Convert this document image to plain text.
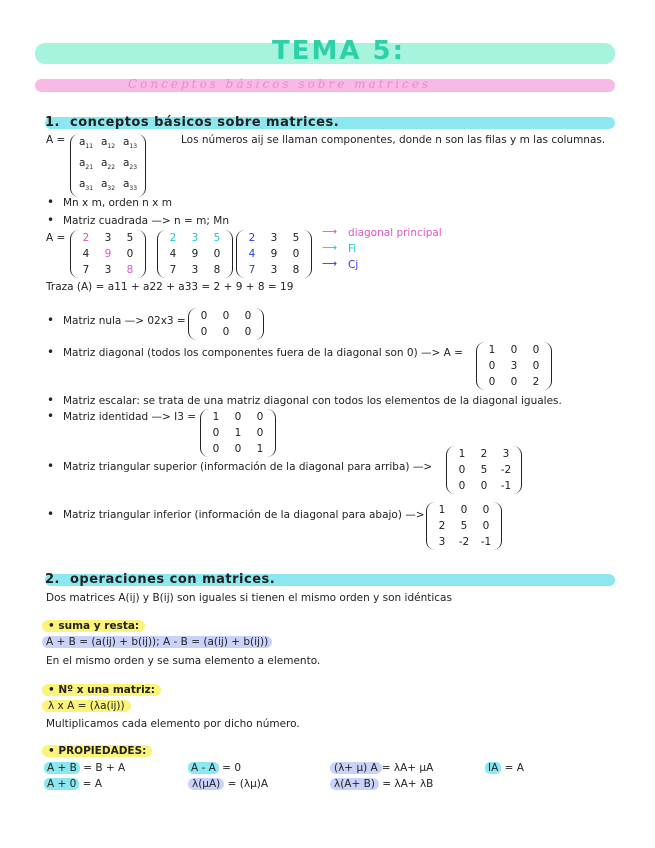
TEMA 5:
Conceptos básicos sobre matrices
1. conceptos básicos sobre matrices.
A =	$a_{11}$ $a_{12}$ $a_{13}$
$a_{21}$ $a_{22}$ $a_{23}$
$a_{31}$ $a_{32}$ $a_{33}$
Los números aij se llaman componentes, donde n son las filas y m las columnas.
• Mn x m, orden n x m
• Matriz cuadrada —> n = m; Mn
A =	2	3	5
4	9	0
7	3	8
2	3	5
4	9	0
7	3	8
2	3	5
4	9	0
7	3	8
⟶ diagonal principal
⟶ Fi
⟶ Cj
Traza (A) = a11 + a22 + a33 = 2 + 9 + 8 = 19
• Matriz nula —> 02x3 =	0	0	0
0	0	0
• Matriz diagonal (todos los componentes fuera de la diagonal son 0) —> A =	1	0	0
0	3	0
0	0	2
• Matriz escalar: se trata de una matriz diagonal con todos los elementos de la diagonal iguales.
• Matriz identidad —> I3 =	1	0	0
0	1	0
0	0	1
• Matriz triangular superior (información de la diagonal para arriba) —>
1	2	3
0	5	-2
0	0	-1
• Matriz triangular inferior (información de la diagonal para abajo) —>	1	0	0
2	5	0
3	-2	-1
2. operaciones con matrices.
Dos matrices A(ij) y B(ij) son iguales si tienen el mismo orden y son idénticas
• suma y resta:
A + B = (a(ij) + b(ij)); A - B = (a(ij) + b(ij))
En el mismo orden y se suma elemento a elemento.
• Nº x una matriz:
λ x A = (λa(ij))
Multiplicamos cada elemento por dicho número.
• PROPIEDADES:
A + B = B + A	A - A = 0	(λ+ μ) A = λA+ μA	IA = A
A + 0 = A	λ(μA) = (λμ)A	λ(A+ B) = λA+ λB
